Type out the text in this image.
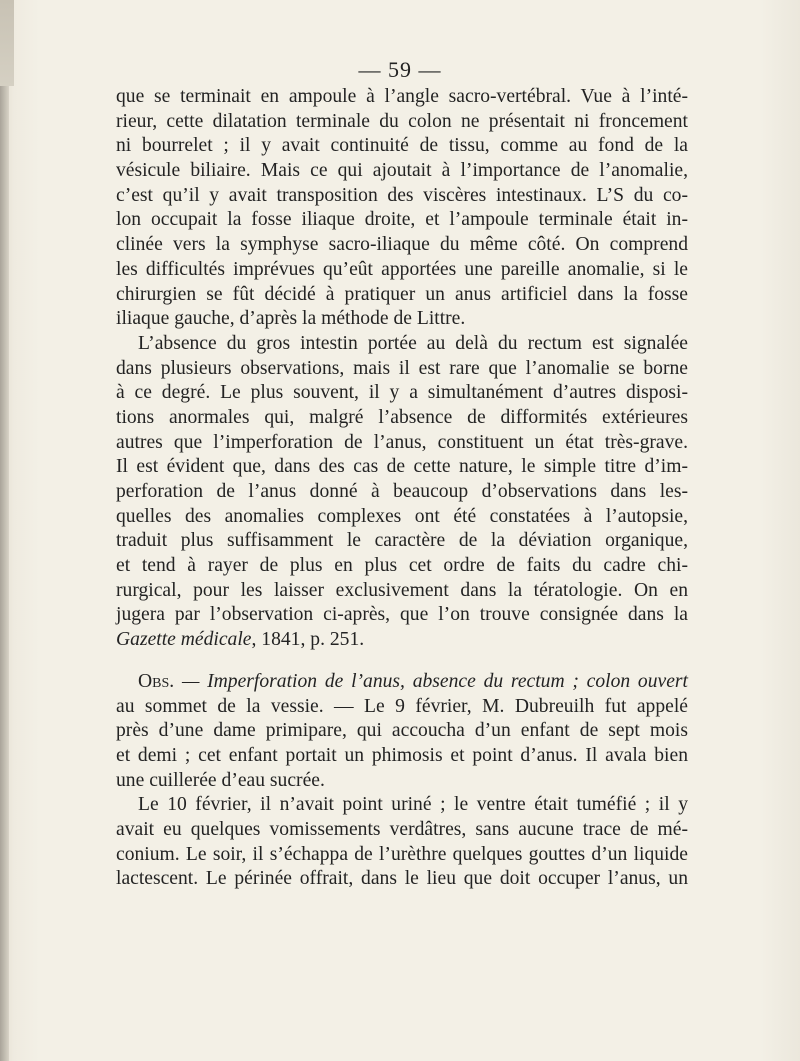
— 59 —
que se terminait en ampoule à l’angle sacro-vertébral. Vue à l’inté-
rieur, cette dilatation terminale du colon ne présentait ni froncement
ni bourrelet ; il y avait continuité de tissu, comme au fond de la
vésicule biliaire. Mais ce qui ajoutait à l’importance de l’anomalie,
c’est qu’il y avait transposition des viscères intestinaux. L’S du co-
lon occupait la fosse iliaque droite, et l’ampoule terminale était in-
clinée vers la symphyse sacro-iliaque du même côté. On comprend
les difficultés imprévues qu’eût apportées une pareille anomalie, si le
chirurgien se fût décidé à pratiquer un anus artificiel dans la fosse
iliaque gauche, d’après la méthode de Littre.
L’absence du gros intestin portée au delà du rectum est signalée
dans plusieurs observations, mais il est rare que l’anomalie se borne
à ce degré. Le plus souvent, il y a simultanément d’autres disposi-
tions anormales qui, malgré l’absence de difformités extérieures
autres que l’imperforation de l’anus, constituent un état très-grave.
Il est évident que, dans des cas de cette nature, le simple titre d’im-
perforation de l’anus donné à beaucoup d’observations dans les-
quelles des anomalies complexes ont été constatées à l’autopsie,
traduit plus suffisamment le caractère de la déviation organique,
et tend à rayer de plus en plus cet ordre de faits du cadre chi-
rurgical, pour les laisser exclusivement dans la tératologie. On en
jugera par l’observation ci-après, que l’on trouve consignée dans la
Gazette médicale, 1841, p. 251.
Obs. — Imperforation de l’anus, absence du rectum ; colon ouvert
au sommet de la vessie. — Le 9 février, M. Dubreuilh fut appelé
près d’une dame primipare, qui accoucha d’un enfant de sept mois
et demi ; cet enfant portait un phimosis et point d’anus. Il avala bien
une cuillerée d’eau sucrée.
Le 10 février, il n’avait point uriné ; le ventre était tuméfié ; il y
avait eu quelques vomissements verdâtres, sans aucune trace de mé-
conium. Le soir, il s’échappa de l’urèthre quelques gouttes d’un liquide
lactescent. Le périnée offrait, dans le lieu que doit occuper l’anus, un
